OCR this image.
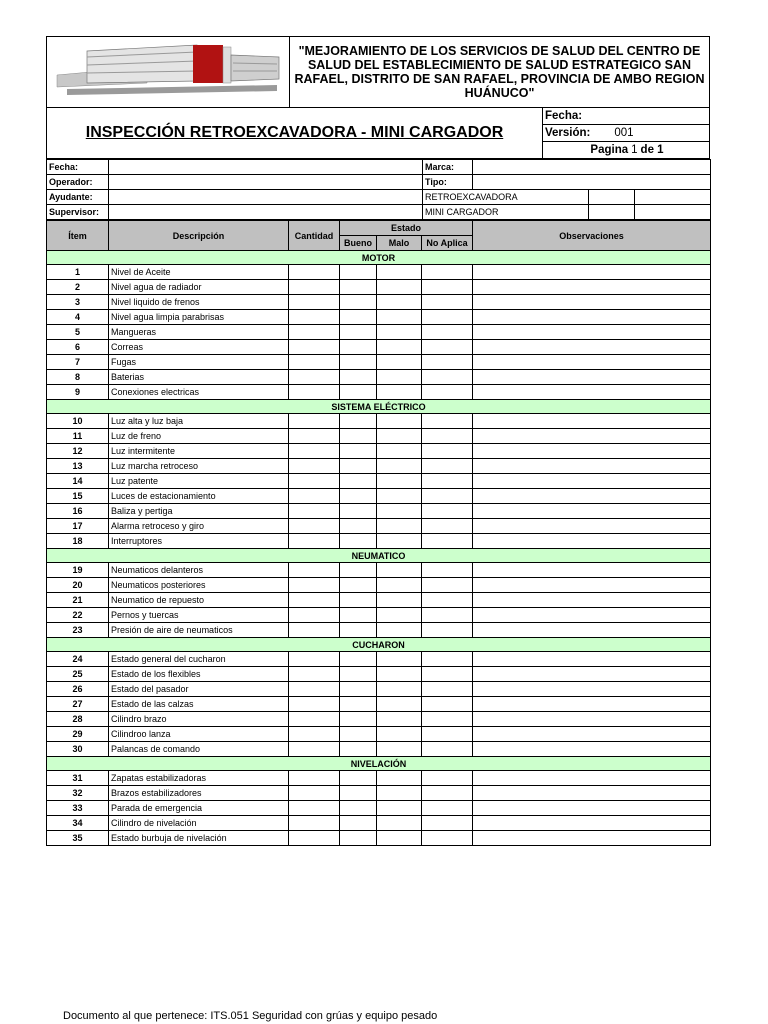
"MEJORAMIENTO DE LOS SERVICIOS DE SALUD DEL CENTRO DE SALUD DEL ESTABLECIMIENTO DE SALUD ESTRATEGICO SAN RAFAEL, DISTRITO DE SAN RAFAEL, PROVINCIA DE AMBO REGION HUÁNUCO"
INSPECCIÓN RETROEXCAVADORA - MINI CARGADOR
Fecha:
Versión: 001
Pagina 1 de 1
Fecha:		Marca:			
Operador:		Tipo:			
Ayudante:		RETROEXCAVADORA			
Supervisor:		MINI CARGADOR			
Ítem	Descripción	Cantidad	Estado			Observaciones
			Bueno	Malo	No Aplica	
MOTOR						
1	Nivel de Aceite					
2	Nivel agua de radiador					
3	Nivel liquido de frenos					
4	Nivel agua limpia parabrisas					
5	Mangueras					
6	Correas					
7	Fugas					
8	Baterias					
9	Conexiones electricas					
SISTEMA ELÉCTRICO						
10	Luz alta y luz baja					
11	Luz de freno					
12	Luz intermitente					
13	Luz marcha retroceso					
14	Luz patente					
15	Luces de estacionamiento					
16	Baliza y pertiga					
17	Alarma retroceso y giro					
18	Interruptores					
NEUMATICO						
19	Neumaticos delanteros					
20	Neumaticos posteriores					
21	Neumatico de repuesto					
22	Pernos y tuercas					
23	Presión de aire de neumaticos					
CUCHARON						
24	Estado general del cucharon					
25	Estado de los flexibles					
26	Estado del pasador					
27	Estado de las calzas					
28	Cilindro brazo					
29	Cilindroo lanza					
30	Palancas de comando					
NIVELACIÓN						
31	Zapatas estabilizadoras					
32	Brazos estabilizadores					
33	Parada de emergencia					
34	Cilindro de nivelación					
35	Estado burbuja de nivelación					
Documento al que pertenece: ITS.051 Seguridad con grúas y equipo pesado
